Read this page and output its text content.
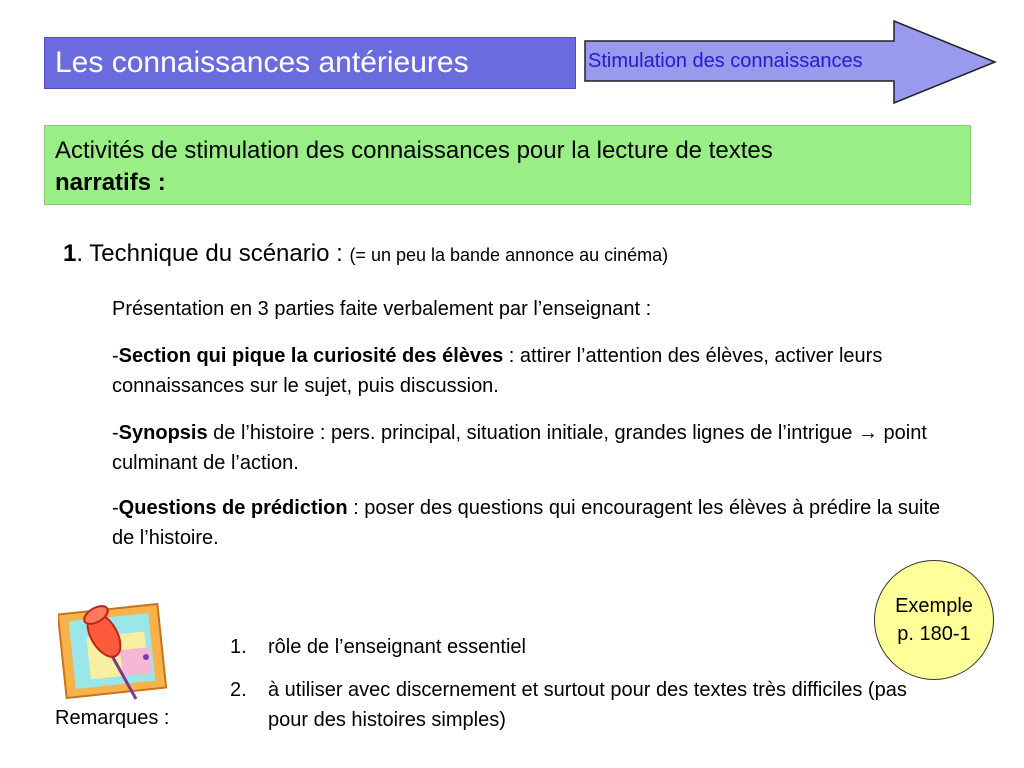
Les connaissances antérieures	Stimulation des connaissances
Activités de stimulation des connaissances pour la lecture de textes
narratifs :
1. Technique du scénario : (= un peu la bande annonce au cinéma)
Présentation en 3 parties faite verbalement par l’enseignant :
-Section qui pique la curiosité des élèves : attirer l’attention des élèves, activer leurs connaissances sur le sujet, puis discussion.
-Synopsis de l’histoire : pers. principal, situation initiale, grandes lignes de l’intrigue → point culminant de l’action.
-Questions de prédiction : poser des questions qui encouragent les élèves à prédire la suite de l’histoire.
Exemple
p. 180-1
Remarques :
1.	rôle de l’enseignant essentiel
2.	à utiliser avec discernement et surtout pour des textes très difficiles (pas pour des histoires simples)
